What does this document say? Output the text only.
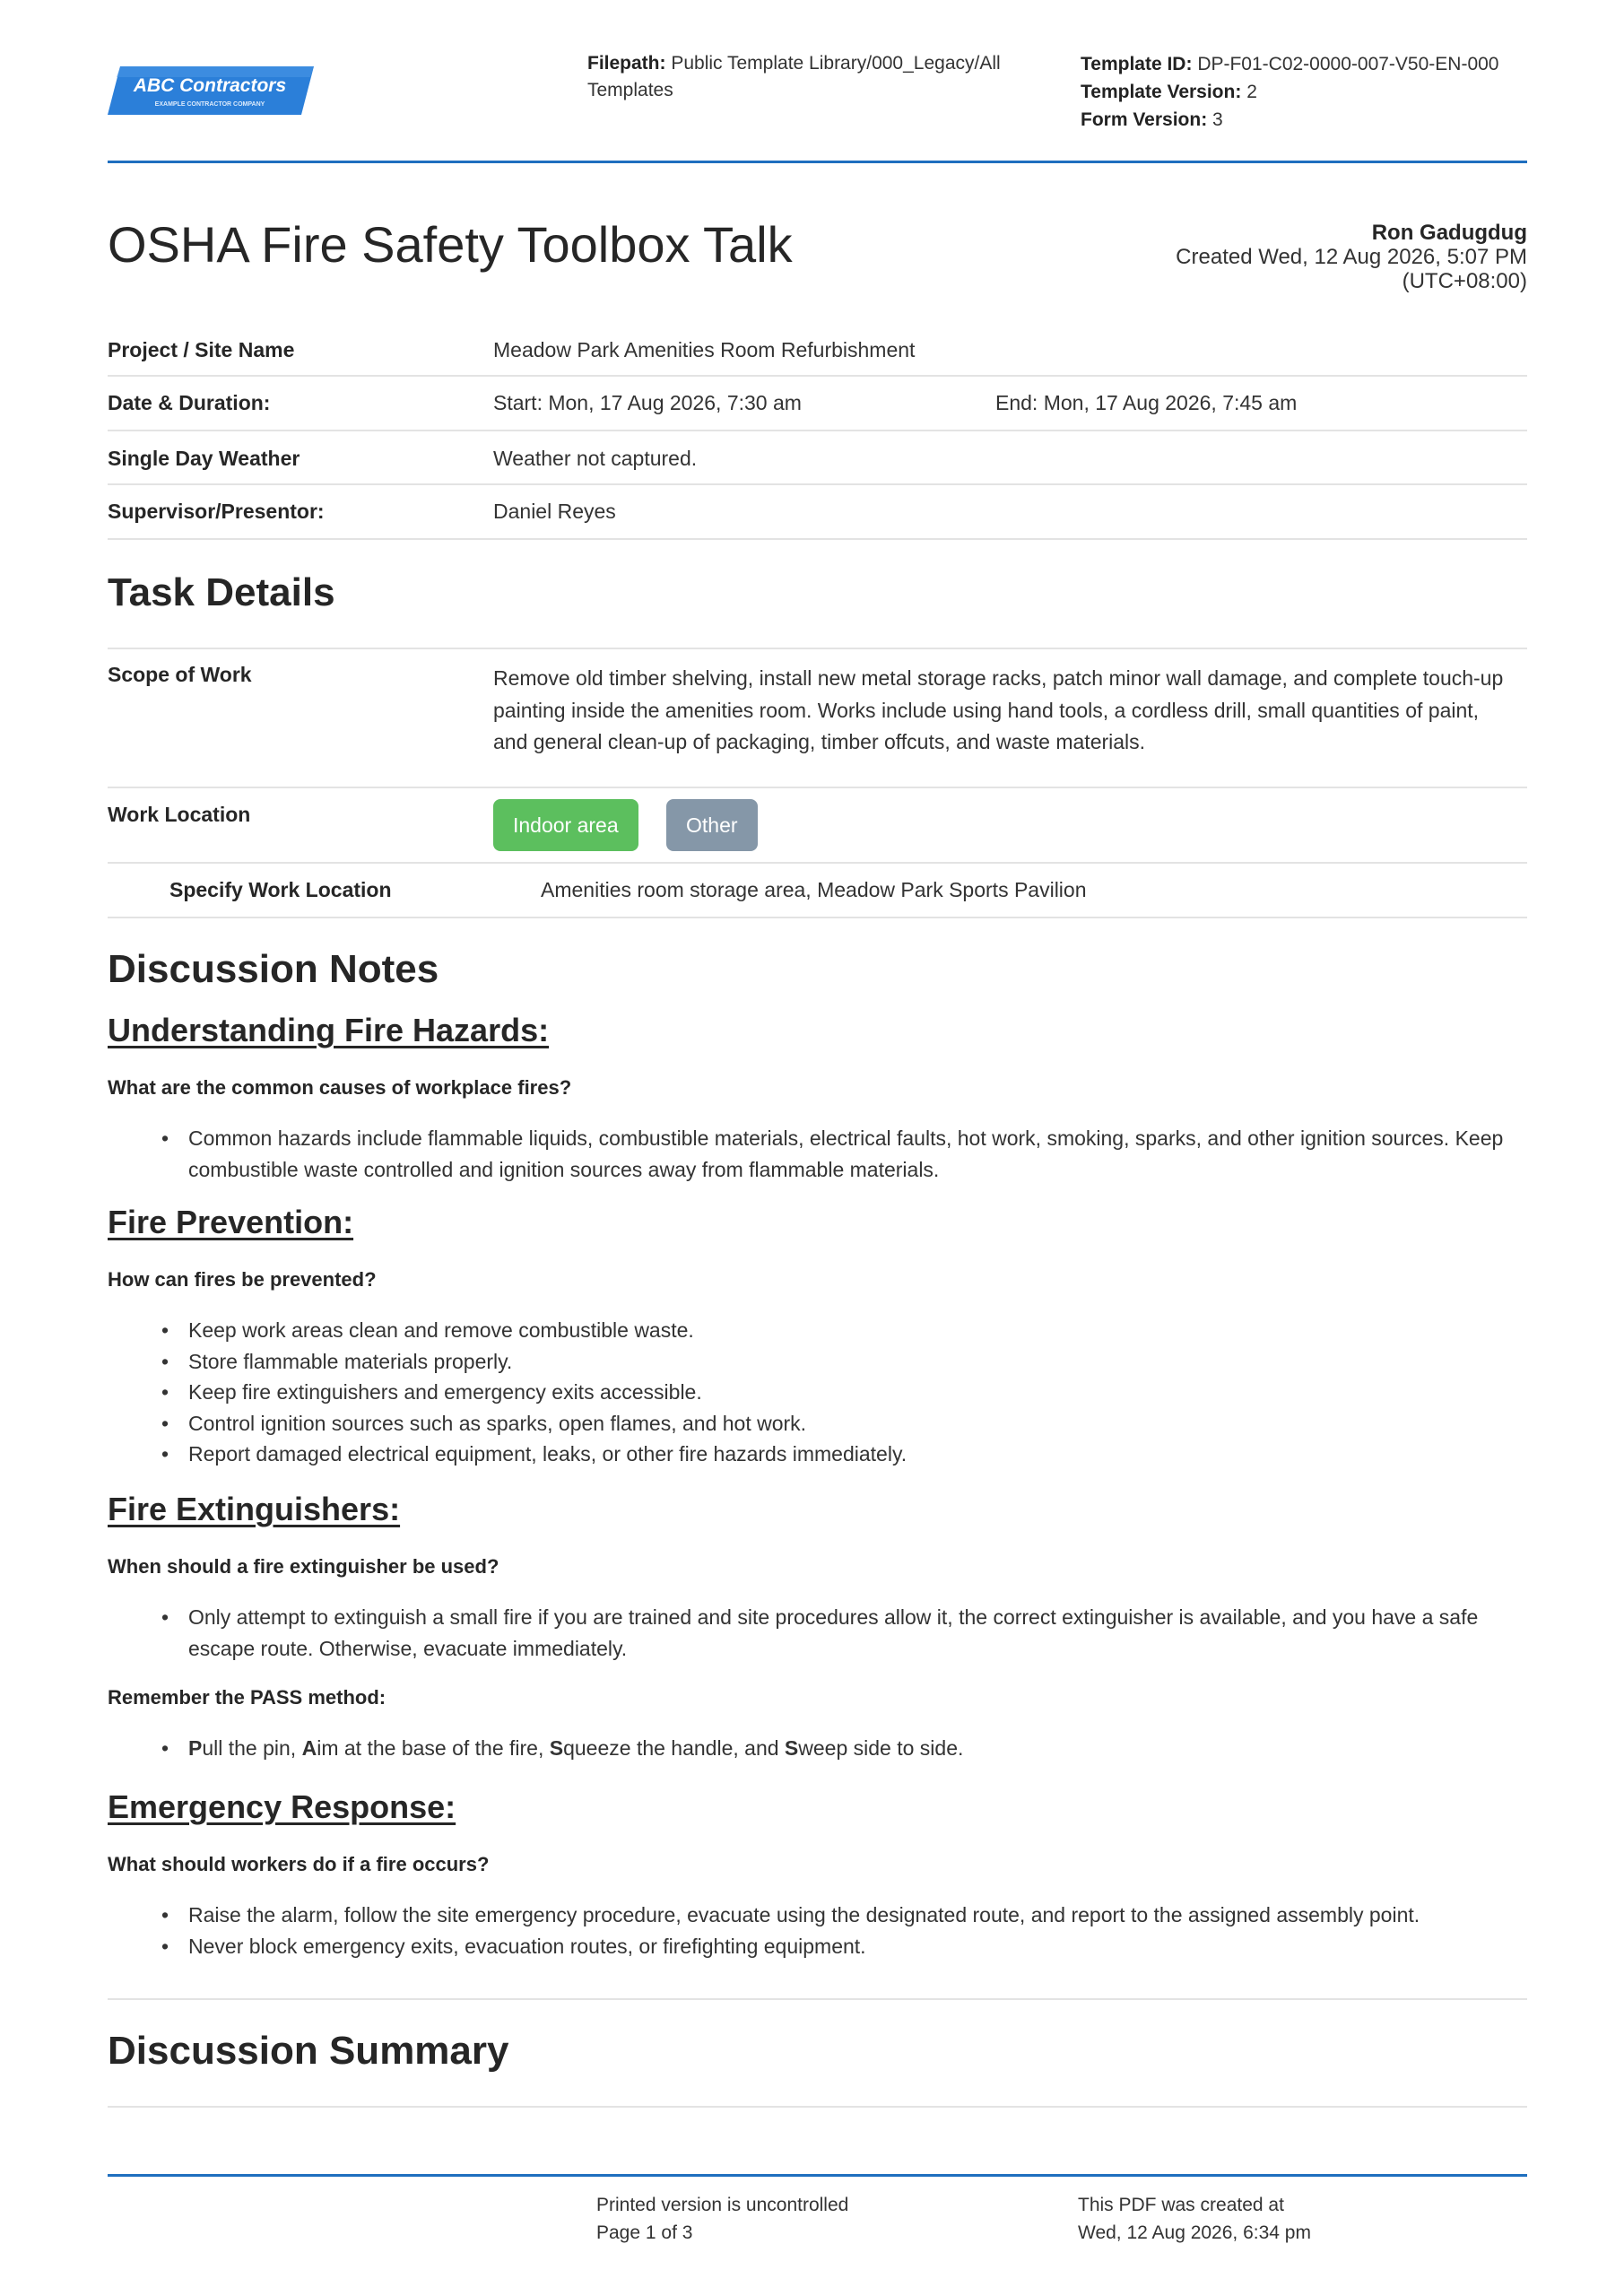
ABC Contractors
EXAMPLE CONTRACTOR COMPANY
Filepath: Public Template Library/000_Legacy/All Templates
Template ID: DP-F01-C02-0000-007-V50-EN-000
Template Version: 2
Form Version: 3
OSHA Fire Safety Toolbox Talk	Ron Gadugdug
Created Wed, 12 Aug 2026, 5:07 PM
(UTC+08:00)
Project / Site Name	Meadow Park Amenities Room Refurbishment
Date & Duration:	Start: Mon, 17 Aug 2026, 7:30 am	End: Mon, 17 Aug 2026, 7:45 am
Single Day Weather	Weather not captured.
Supervisor/Presentor:	Daniel Reyes
Task Details
Scope of Work	Remove old timber shelving, install new metal storage racks, patch minor wall damage, and complete touch-up painting inside the amenities room. Works include using hand tools, a cordless drill, small quantities of paint, and general clean-up of packaging, timber offcuts, and waste materials.
Work Location	Indoor area	Other
Specify Work Location	Amenities room storage area, Meadow Park Sports Pavilion
Discussion Notes
Understanding Fire Hazards:
What are the common causes of workplace fires?
• Common hazards include flammable liquids, combustible materials, electrical faults, hot work, smoking, sparks, and other ignition sources. Keep combustible waste controlled and ignition sources away from flammable materials.
Fire Prevention:
How can fires be prevented?
• Keep work areas clean and remove combustible waste.
• Store flammable materials properly.
• Keep fire extinguishers and emergency exits accessible.
• Control ignition sources such as sparks, open flames, and hot work.
• Report damaged electrical equipment, leaks, or other fire hazards immediately.
Fire Extinguishers:
When should a fire extinguisher be used?
• Only attempt to extinguish a small fire if you are trained and site procedures allow it, the correct extinguisher is available, and you have a safe escape route. Otherwise, evacuate immediately.
Remember the PASS method:
• Pull the pin, Aim at the base of the fire, Squeeze the handle, and Sweep side to side.
Emergency Response:
What should workers do if a fire occurs?
• Raise the alarm, follow the site emergency procedure, evacuate using the designated route, and report to the assigned assembly point.
• Never block emergency exits, evacuation routes, or firefighting equipment.
Discussion Summary
Printed version is uncontrolled
Page 1 of 3
This PDF was created at
Wed, 12 Aug 2026, 6:34 pm
